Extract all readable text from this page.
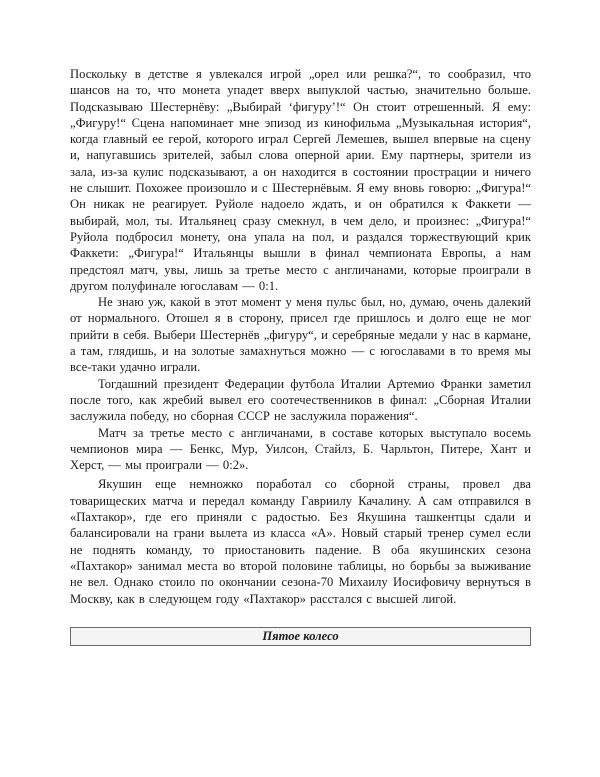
Поскольку в детстве я увлекался игрой „орел или решка?“, то сообразил, что шансов на то, что монета упадет вверх выпуклой частью, значительно больше. Подсказываю Шестернёву: „Выбирай ‘фигуру’!“ Он стоит отрешенный. Я ему: „Фигуру!“ Сцена напоминает мне эпизод из кинофильма „Музыкальная история“, когда главный ее герой, которого играл Сергей Лемешев, вышел впервые на сцену и, напугавшись зрителей, забыл слова оперной арии. Ему партнеры, зрители из зала, из-за кулис подсказывают, а он находится в состоянии прострации и ничего не слышит. Похожее произошло и с Шестернёвым. Я ему вновь говорю: „Фигура!“ Он никак не реагирует. Руйоле надоело ждать, и он обратился к Факкети — выбирай, мол, ты. Итальянец сразу смекнул, в чем дело, и произнес: „Фигура!“ Руйола подбросил монету, она упала на пол, и раздался торжествующий крик Факкети: „Фигура!“ Итальянцы вышли в финал чемпионата Европы, а нам предстоял матч, увы, лишь за третье место с англичанами, которые проиграли в другом полуфинале югославам — 0:1.

Не знаю уж, какой в этот момент у меня пульс был, но, думаю, очень далекий от нормального. Отошел я в сторону, присел где пришлось и долго еще не мог прийти в себя. Выбери Шестернёв „фигуру“, и серебряные медали у нас в кармане, а там, глядишь, и на золотые замахнуться можно — с югославами в то время мы все-таки удачно играли.

Тогдашний президент Федерации футбола Италии Артемио Франки заметил после того, как жребий вывел его соотечественников в финал: „Сборная Италии заслужила победу, но сборная СССР не заслужила поражения“.

Матч за третье место с англичанами, в составе которых выступало восемь чемпионов мира — Бенкс, Мур, Уилсон, Стайлз, Б. Чарльтон, Питере, Хант и Херст, — мы проиграли — 0:2».

Якушин еще немножко поработал со сборной страны, провел два товарищеских матча и передал команду Гавриилу Качалину. А сам отправился в «Пахтакор», где его приняли с радостью. Без Якушина ташкентцы сдали и балансировали на грани вылета из класса «А». Новый старый тренер сумел если не поднять команду, то приостановить падение. В оба якушинских сезона «Пахтакор» занимал места во второй половине таблицы, но борьбы за выживание не вел. Однако стоило по окончании сезона-70 Михаилу Иосифовичу вернуться в Москву, как в следующем году «Пахтакор» расстался с высшей лигой.

Пятое колесо
